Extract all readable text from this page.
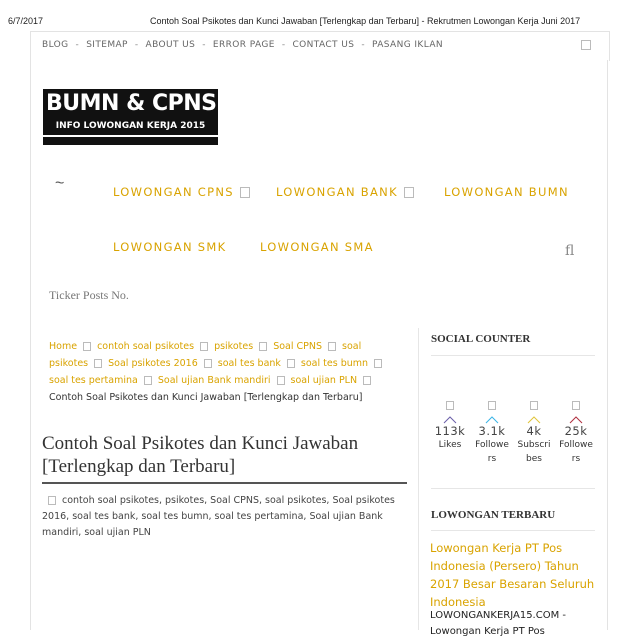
6/7/2017	Contoh Soal Psikotes dan Kunci Jawaban [Terlengkap dan Terbaru] - Rekrutmen Lowongan Kerja Juni 2017
BLOG - SITEMAP - ABOUT US - ERROR PAGE - CONTACT US - PASANG IKLAN
BUMN & CPNS
INFO LOWONGAN KERJA 2015
~	LOWONGAN CPNS	LOWONGAN BANK	LOWONGAN BUMN
LOWONGAN SMK	LOWONGAN SMA	fl
Ticker Posts No.
Home contoh soal psikotes psikotes Soal CPNS soal
psikotes Soal psikotes 2016 soal tes bank soal tes bumn
soal tes pertamina Soal ujian Bank mandiri soal ujian PLN
Contoh Soal Psikotes dan Kunci Jawaban [Terlengkap dan Terbaru]
Contoh Soal Psikotes dan Kunci Jawaban
[Terlengkap dan Terbaru]
contoh soal psikotes, psikotes, Soal CPNS, soal psikotes, Soal psikotes 2016, soal tes bank, soal tes bumn, soal tes pertamina, Soal ujian Bank mandiri, soal ujian PLN
SOCIAL COUNTER
113k
Likes
3.1k
Followers
4k
Subscribes
25k
Followers
LOWONGAN TERBARU
Lowongan Kerja PT Pos Indonesia (Persero) Tahun 2017 Besar Besaran Seluruh Indonesia
LOWONGANKERJA15.COM - Lowongan Kerja PT Pos
